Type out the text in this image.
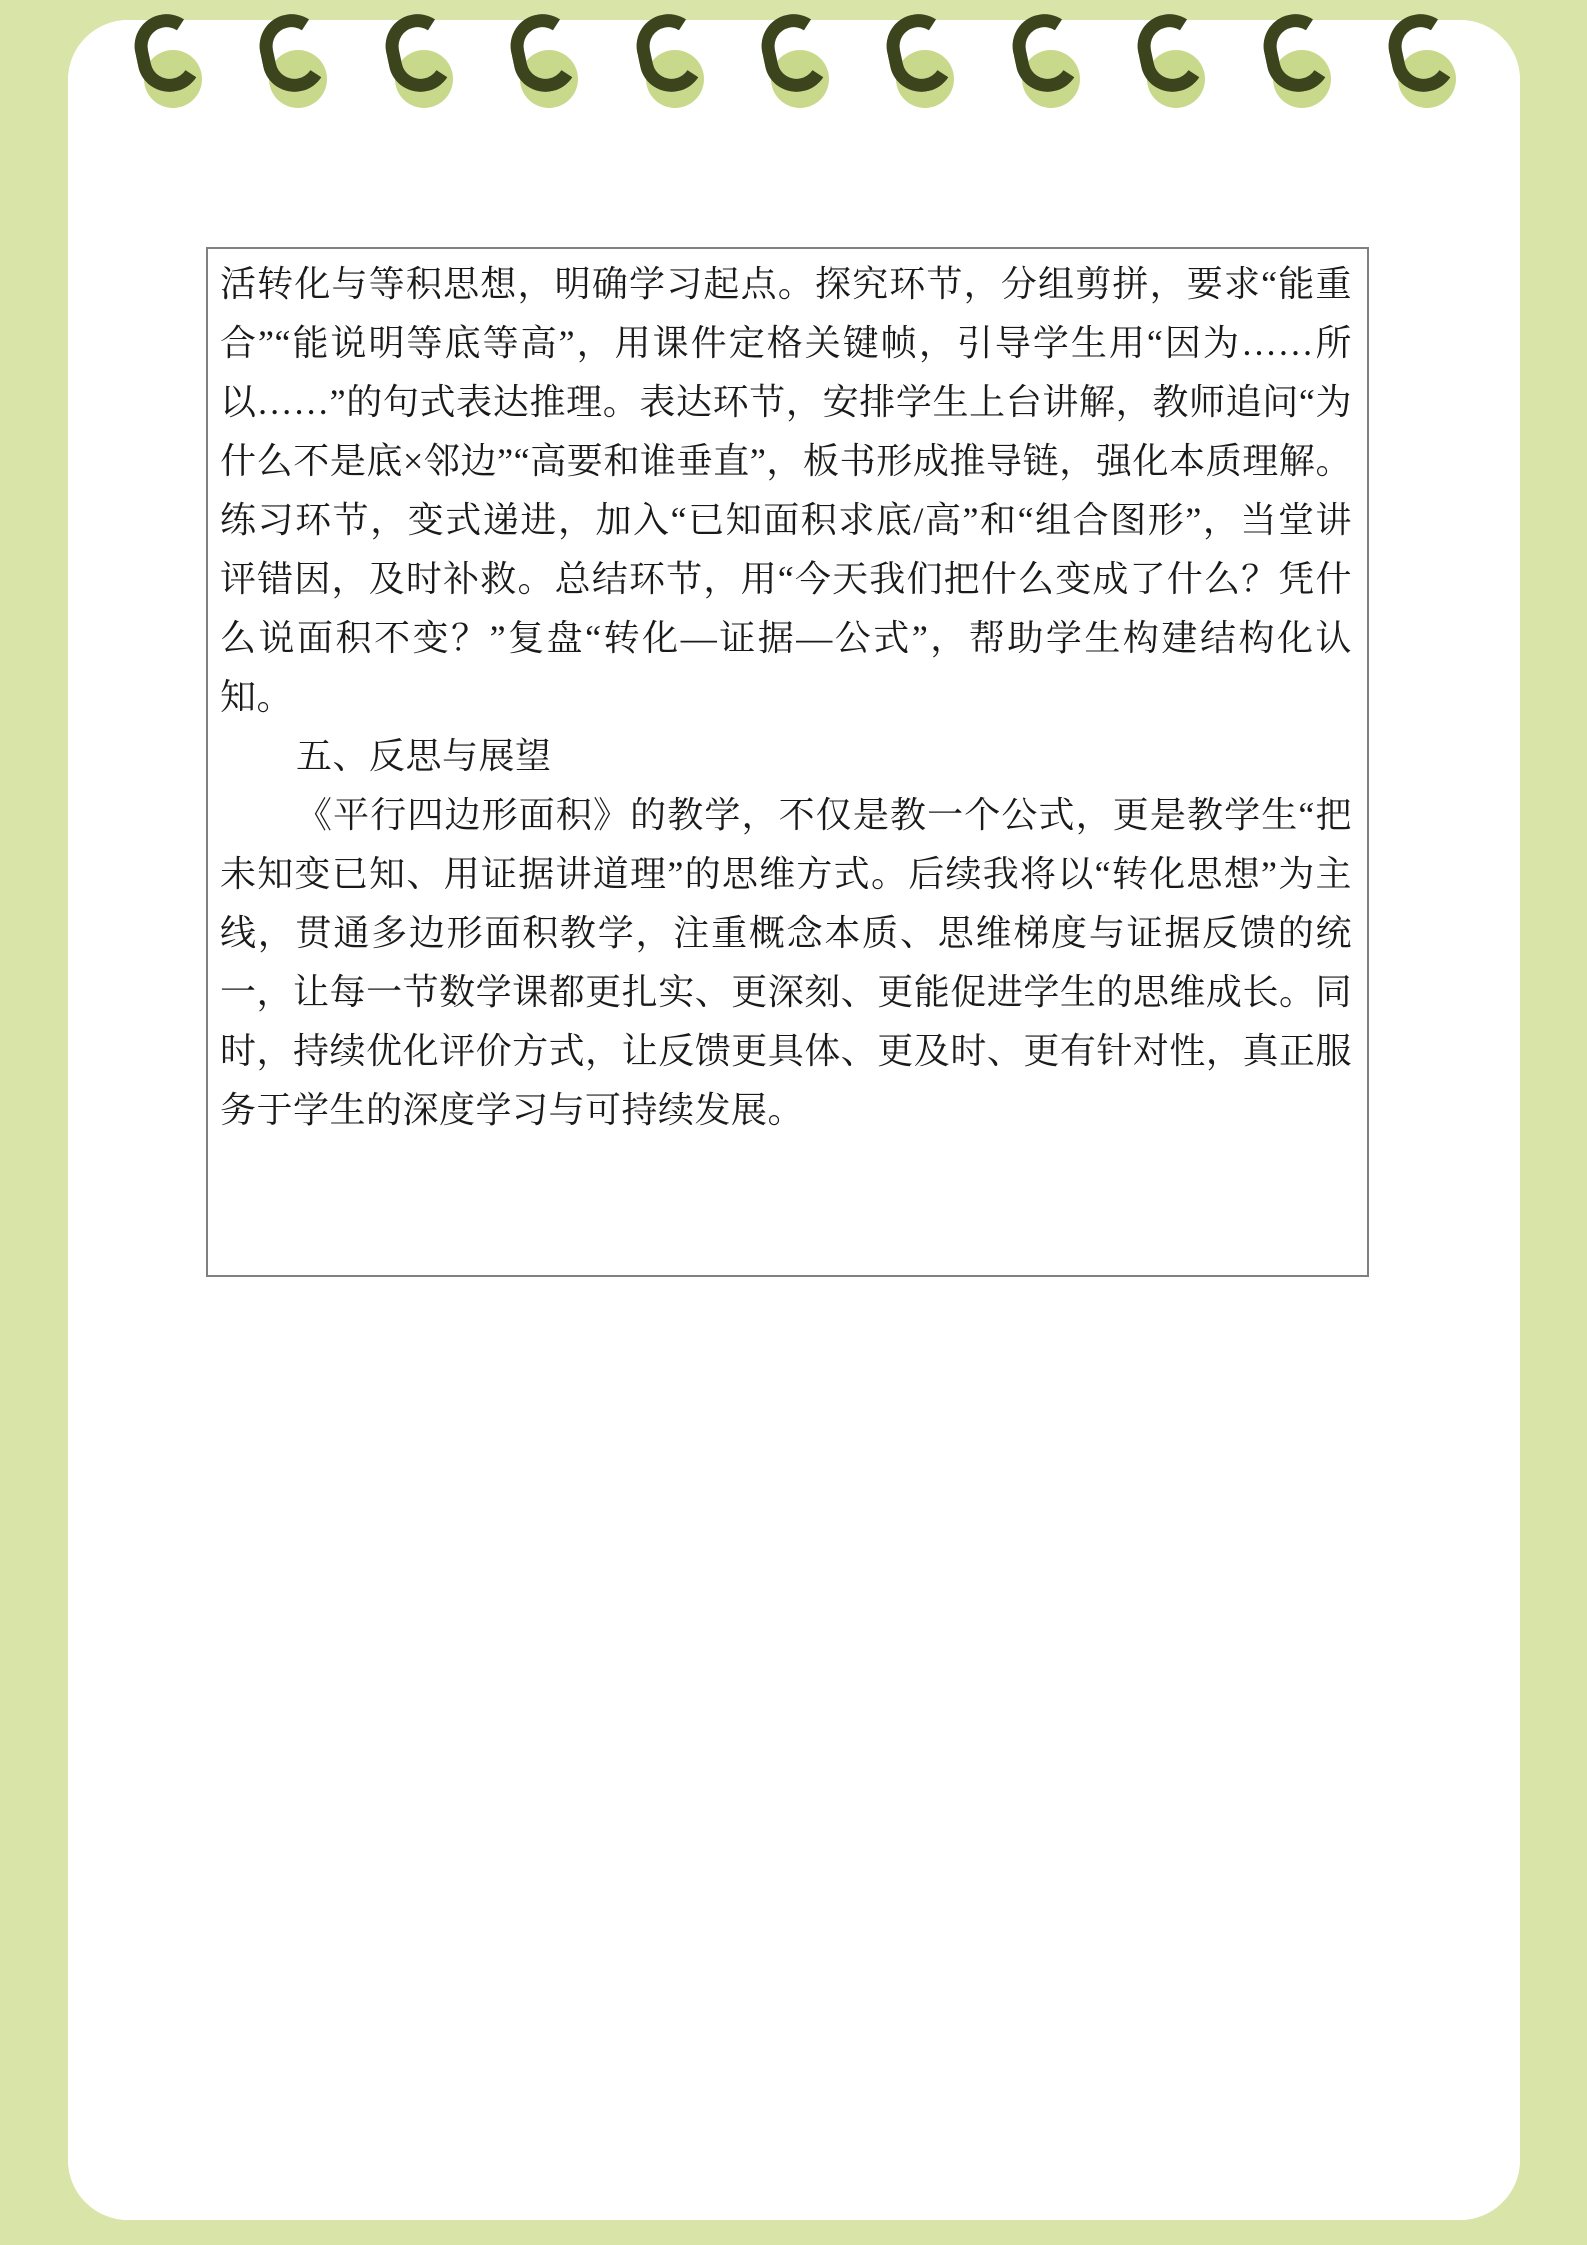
活转化与等积思想，明确学习起点。探究环节，分组剪拼，要求“能重合”“能说明等底等高”，用课件定格关键帧，引导学生用“因为……所以……”的句式表达推理。表达环节，安排学生上台讲解，教师追问“为什么不是底×邻边”“高要和谁垂直”，板书形成推导链，强化本质理解。练习环节，变式递进，加入“已知面积求底/高”和“组合图形”，当堂讲评错因，及时补救。总结环节，用“今天我们把什么变成了什么？凭什么说面积不变？”复盘“转化—证据—公式”，帮助学生构建结构化认知。

五、反思与展望

《平行四边形面积》的教学，不仅是教一个公式，更是教学生“把未知变已知、用证据讲道理”的思维方式。后续我将以“转化思想”为主线，贯通多边形面积教学，注重概念本质、思维梯度与证据反馈的统一，让每一节数学课都更扎实、更深刻、更能促进学生的思维成长。同时，持续优化评价方式，让反馈更具体、更及时、更有针对性，真正服务于学生的深度学习与可持续发展。
